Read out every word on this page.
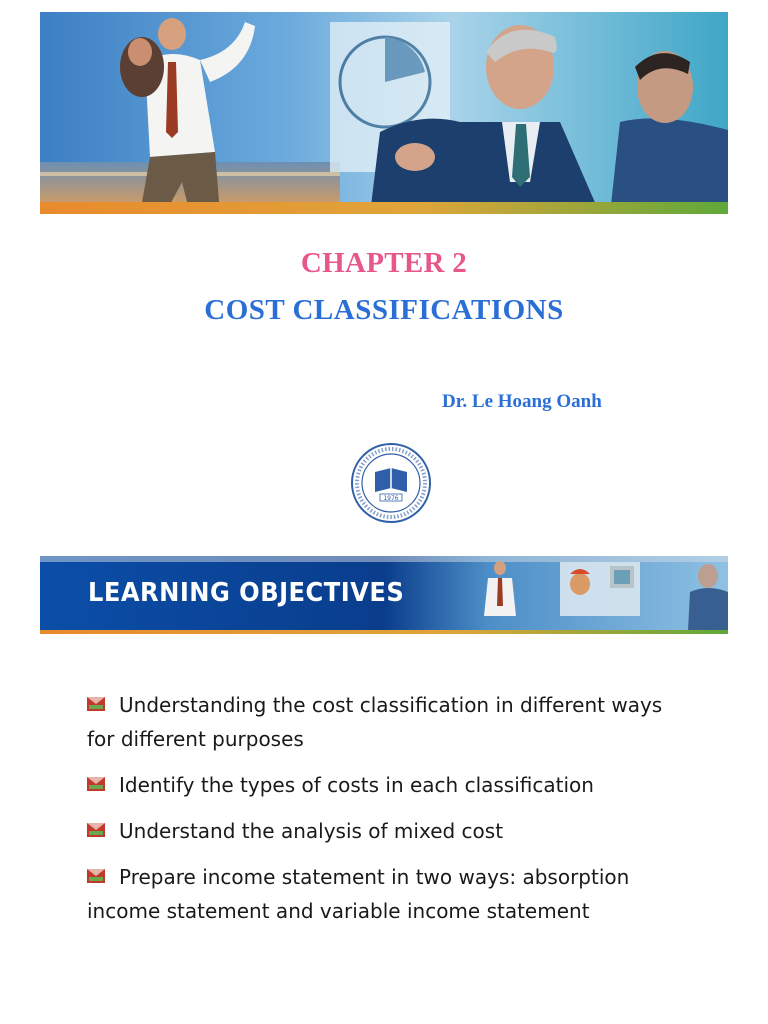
CHAPTER 2
COST CLASSIFICATIONS
Dr. Le Hoang Oanh
1976
LEARNING OBJECTIVES
Understanding the cost classification in different ways for different purposes
Identify the types of costs in each classification
Understand the analysis of mixed cost
Prepare income statement in two ways: absorption income statement and variable income statement
